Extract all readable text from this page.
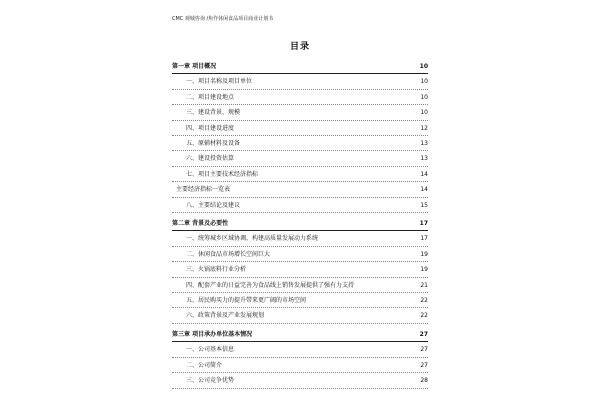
CMC 观城咨询 /焦作休闲食品项目商业计划书
目录
第一章 项目概况	10
一、项目名称及项目单位	10
二、项目建设地点	10
三、建设背景、规模	10
四、项目建设进度	12
五、原辅材料及设备	13
六、建设投资估算	13
七、项目主要技术经济指标	14
主要经济指标一览表	14
八、主要结论及建议	15
第二章 背景及必要性	17
一、统筹城乡区域协调，构建高质量发展动力系统	17
二、休闲食品市场增长空间巨大	19
三、火锅底料行业分析	19
四、配套产业的日益完善为食品线上销售发展提供了强有力支持	21
五、居民购买力的提升带来更广阔的市场空间	22
六、政策背景及产业发展规划	22
第三章 项目承办单位基本情况	27
一、公司基本信息	27
二、公司简介	27
三、公司竞争优势	28
